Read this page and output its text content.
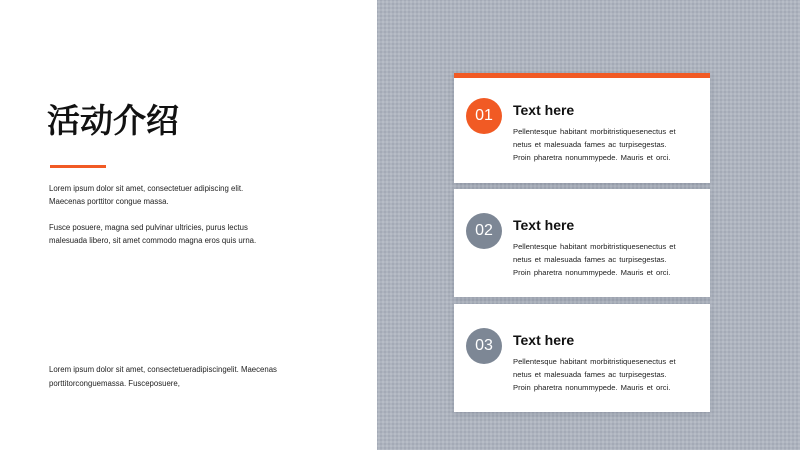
活动介绍
Lorem ipsum dolor sit amet, consectetuer adipiscing elit.
Maecenas porttitor congue massa.
Fusce posuere, magna sed pulvinar ultricies, purus lectus
malesuada libero, sit amet commodo magna eros quis urna.
Lorem ipsum dolor sit amet, consectetueradipiscingelit. Maecenas
porttitorconguemassa. Fusceposuere,
01	Text here
Pellentesque habitant morbitristiquesenectus et
netus et malesuada fames ac turpisegestas.
Proin pharetra nonummypede. Mauris et orci.
02	Text here
Pellentesque habitant morbitristiquesenectus et
netus et malesuada fames ac turpisegestas.
Proin pharetra nonummypede. Mauris et orci.
03	Text here
Pellentesque habitant morbitristiquesenectus et
netus et malesuada fames ac turpisegestas.
Proin pharetra nonummypede. Mauris et orci.
